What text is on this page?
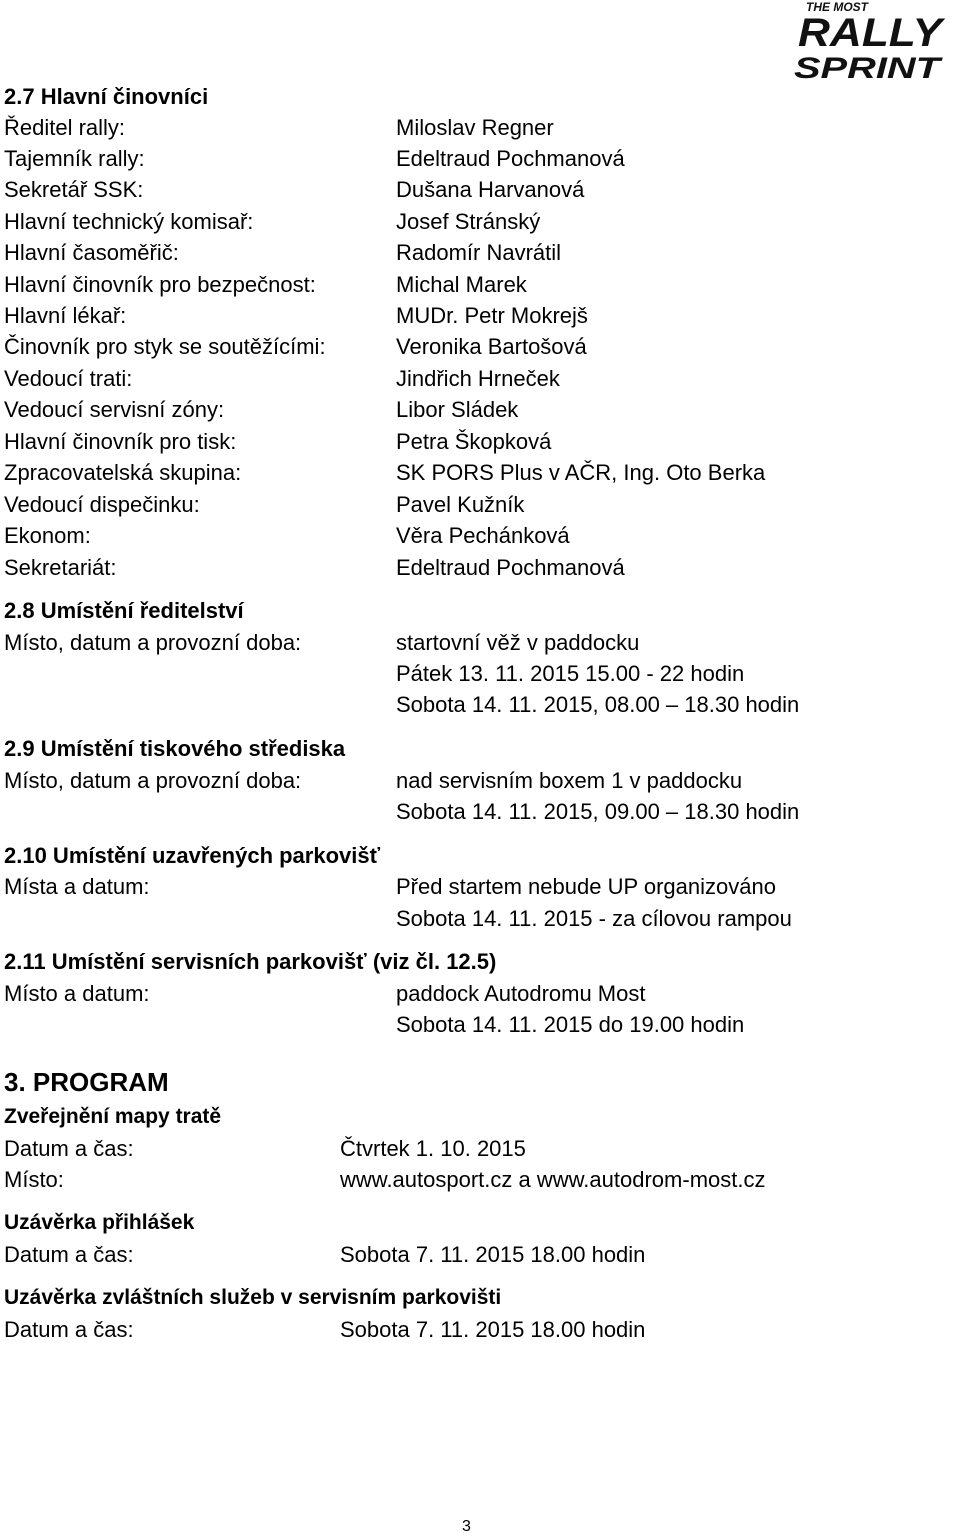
THE MOST
RALLY
SPRINT
2.7 Hlavní činovníci
Ředitel rally:	Miloslav Regner
Tajemník rally:	Edeltraud Pochmanová
Sekretář SSK:	Dušana Harvanová
Hlavní technický komisař:	Josef Stránský
Hlavní časoměřič:	Radomír Navrátil
Hlavní činovník pro bezpečnost:	Michal Marek
Hlavní lékař:	MUDr. Petr Mokrejš
Činovník pro styk se soutěžícími:	Veronika Bartošová
Vedoucí trati:	Jindřich Hrneček
Vedoucí servisní zóny:	Libor Sládek
Hlavní činovník pro tisk:	Petra Škopková
Zpracovatelská skupina:	SK PORS Plus v AČR, Ing. Oto Berka
Vedoucí dispečinku:	Pavel Kužník
Ekonom:	Věra Pechánková
Sekretariát:	Edeltraud Pochmanová
2.8 Umístění ředitelství
Místo, datum a provozní doba:	startovní věž v paddocku
Pátek 13. 11. 2015 15.00 - 22 hodin
Sobota 14. 11. 2015, 08.00 – 18.30 hodin
2.9 Umístění tiskového střediska
Místo, datum a provozní doba:	nad servisním boxem 1 v paddocku
Sobota 14. 11. 2015, 09.00 – 18.30 hodin
2.10 Umístění uzavřených parkovišť
Místa a datum:	Před startem nebude UP organizováno
Sobota 14. 11. 2015 - za cílovou rampou
2.11 Umístění servisních parkovišť (viz čl. 12.5)
Místo a datum:	paddock Autodromu Most
Sobota 14. 11. 2015 do 19.00 hodin
3. PROGRAM
Zveřejnění mapy tratě
Datum a čas:	Čtvrtek 1. 10. 2015
Místo:	www.autosport.cz a www.autodrom-most.cz
Uzávěrka přihlášek
Datum a čas:	Sobota 7. 11. 2015 18.00 hodin
Uzávěrka zvláštních služeb v servisním parkovišti
Datum a čas:	Sobota 7. 11. 2015 18.00 hodin
3
